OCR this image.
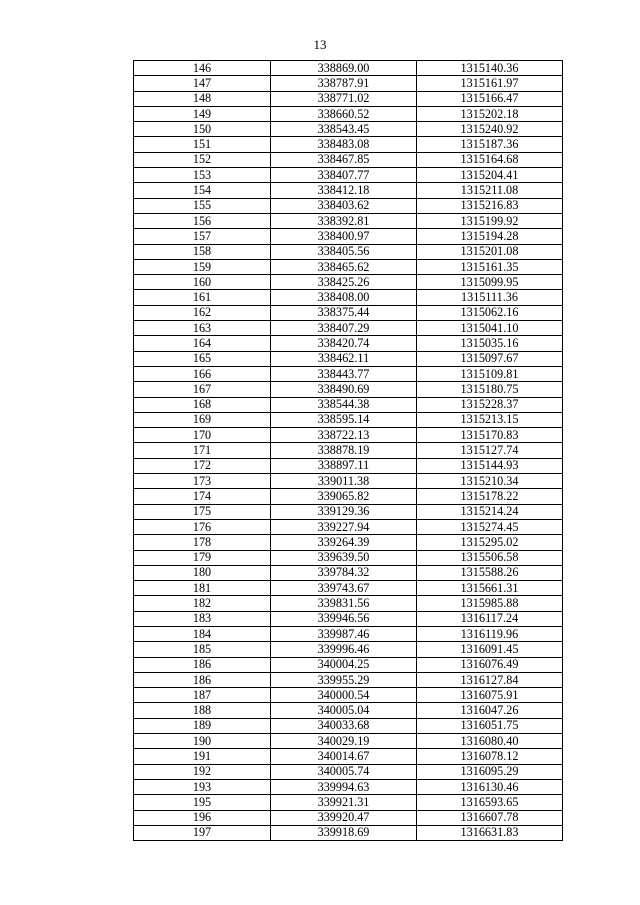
13
146	338869.00	1315140.36
147	338787.91	1315161.97
148	338771.02	1315166.47
149	338660.52	1315202.18
150	338543.45	1315240.92
151	338483.08	1315187.36
152	338467.85	1315164.68
153	338407.77	1315204.41
154	338412.18	1315211.08
155	338403.62	1315216.83
156	338392.81	1315199.92
157	338400.97	1315194.28
158	338405.56	1315201.08
159	338465.62	1315161.35
160	338425.26	1315099.95
161	338408.00	1315111.36
162	338375.44	1315062.16
163	338407.29	1315041.10
164	338420.74	1315035.16
165	338462.11	1315097.67
166	338443.77	1315109.81
167	338490.69	1315180.75
168	338544.38	1315228.37
169	338595.14	1315213.15
170	338722.13	1315170.83
171	338878.19	1315127.74
172	338897.11	1315144.93
173	339011.38	1315210.34
174	339065.82	1315178.22
175	339129.36	1315214.24
176	339227.94	1315274.45
178	339264.39	1315295.02
179	339639.50	1315506.58
180	339784.32	1315588.26
181	339743.67	1315661.31
182	339831.56	1315985.88
183	339946.56	1316117.24
184	339987.46	1316119.96
185	339996.46	1316091.45
186	340004.25	1316076.49
186	339955.29	1316127.84
187	340000.54	1316075.91
188	340005.04	1316047.26
189	340033.68	1316051.75
190	340029.19	1316080.40
191	340014.67	1316078.12
192	340005.74	1316095.29
193	339994.63	1316130.46
195	339921.31	1316593.65
196	339920.47	1316607.78
197	339918.69	1316631.83
